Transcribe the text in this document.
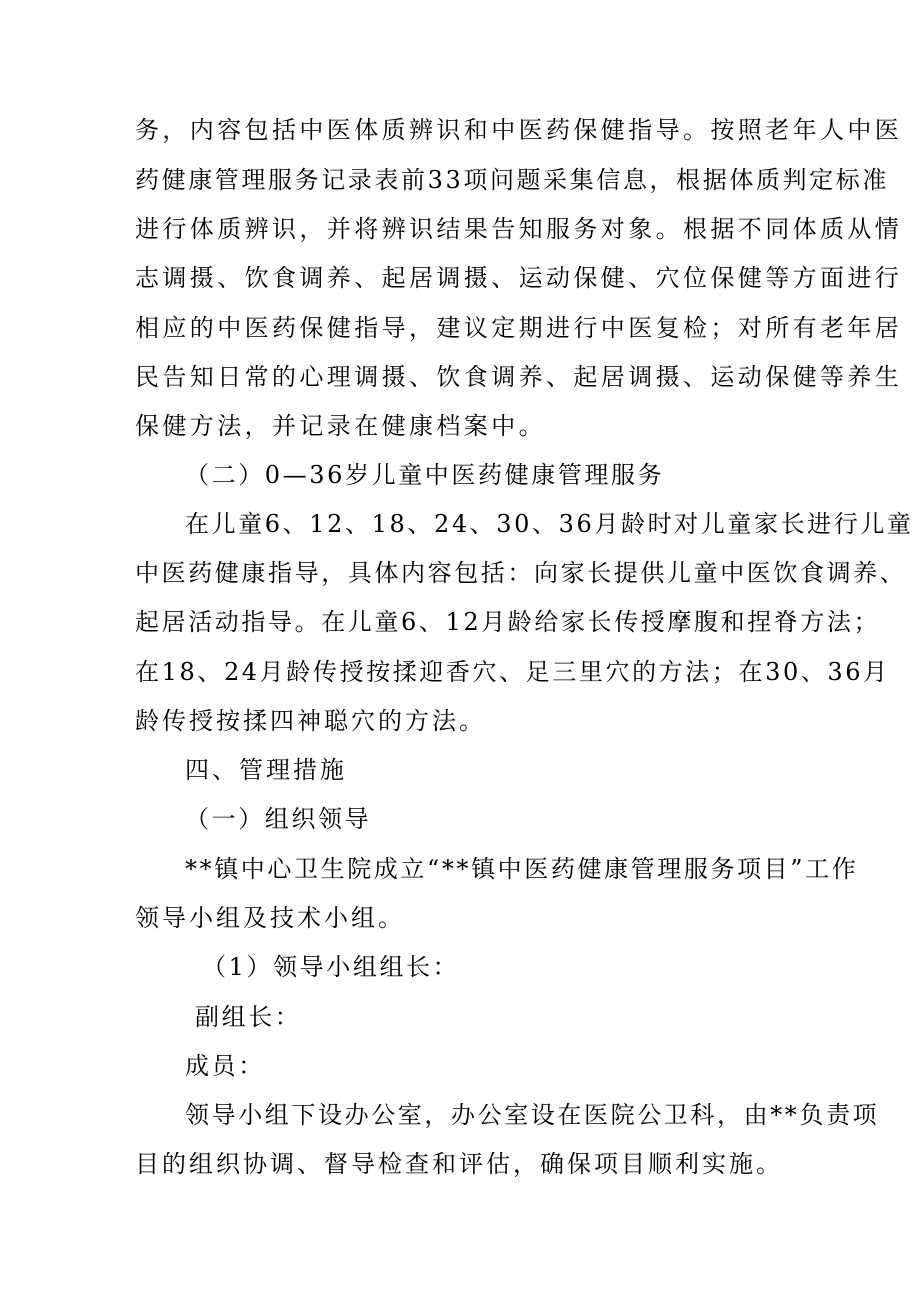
务，内容包括中医体质辨识和中医药保健指导。按照老年人中医
药健康管理服务记录表前33项问题采集信息，根据体质判定标准
进行体质辨识，并将辨识结果告知服务对象。根据不同体质从情
志调摄、饮食调养、起居调摄、运动保健、穴位保健等方面进行
相应的中医药保健指导，建议定期进行中医复检；对所有老年居
民告知日常的心理调摄、饮食调养、起居调摄、运动保健等养生
保健方法，并记录在健康档案中。
（二）0—36岁儿童中医药健康管理服务
在儿童6、12、18、24、30、36月龄时对儿童家长进行儿童
中医药健康指导，具体内容包括：向家长提供儿童中医饮食调养、
起居活动指导。在儿童6、12月龄给家长传授摩腹和捏脊方法；
在18、24月龄传授按揉迎香穴、足三里穴的方法；在30、36月
龄传授按揉四神聪穴的方法。
四、管理措施
（一）组织领导
**镇中心卫生院成立“**镇中医药健康管理服务项目”工作
领导小组及技术小组。
（1）领导小组组长：
副组长：
成员：
领导小组下设办公室，办公室设在医院公卫科，由**负责项
目的组织协调、督导检查和评估，确保项目顺利实施。
